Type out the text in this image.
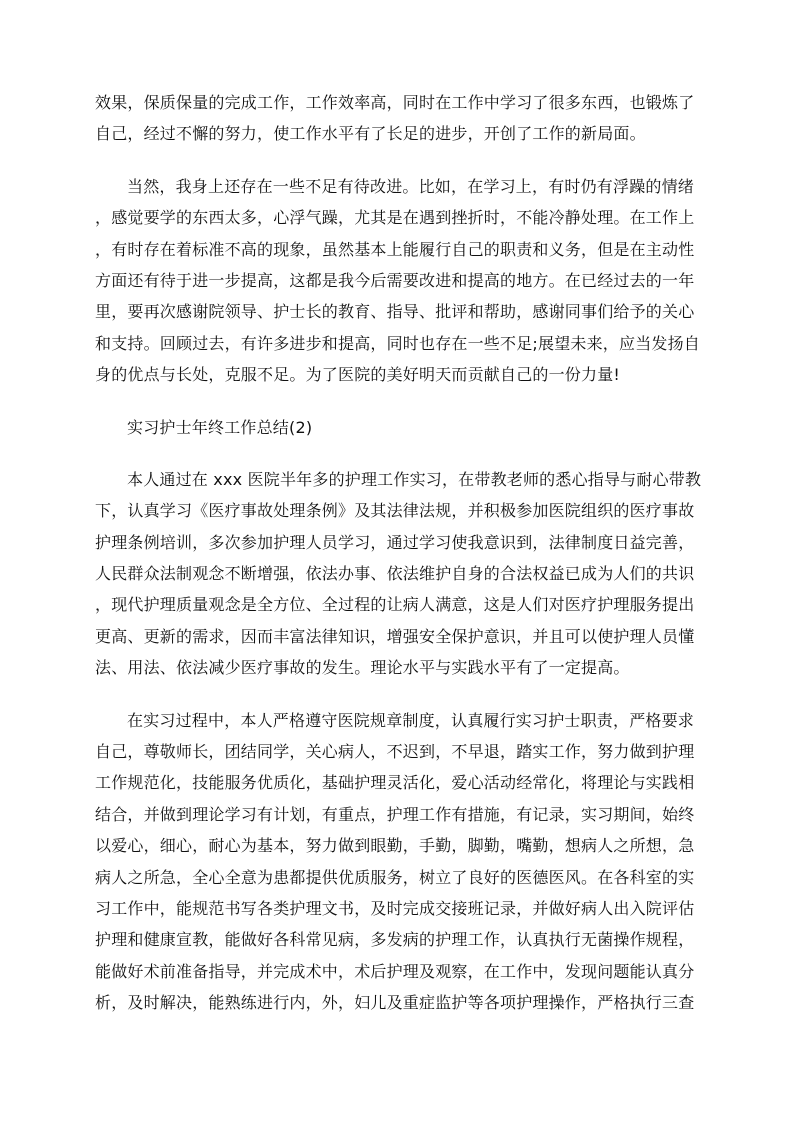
效果，保质保量的完成工作，工作效率高，同时在工作中学习了很多东西，也锻炼了
自己，经过不懈的努力，使工作水平有了长足的进步，开创了工作的新局面。
当然，我身上还存在一些不足有待改进。比如，在学习上，有时仍有浮躁的情绪
，感觉要学的东西太多，心浮气躁，尤其是在遇到挫折时，不能冷静处理。在工作上
，有时存在着标准不高的现象，虽然基本上能履行自己的职责和义务，但是在主动性
方面还有待于进一步提高，这都是我今后需要改进和提高的地方。在已经过去的一年
里，要再次感谢院领导、护士长的教育、指导、批评和帮助，感谢同事们给予的关心
和支持。回顾过去，有许多进步和提高，同时也存在一些不足;展望未来，应当发扬自
身的优点与长处，克服不足。为了医院的美好明天而贡献自己的一份力量!
实习护士年终工作总结(2)
本人通过在 xxx 医院半年多的护理工作实习，在带教老师的悉心指导与耐心带教
下，认真学习《医疗事故处理条例》及其法律法规，并积极参加医院组织的医疗事故
护理条例培训，多次参加护理人员学习，通过学习使我意识到，法律制度日益完善，
人民群众法制观念不断增强，依法办事、依法维护自身的合法权益已成为人们的共识
，现代护理质量观念是全方位、全过程的让病人满意，这是人们对医疗护理服务提出
更高、更新的需求，因而丰富法律知识，增强安全保护意识，并且可以使护理人员懂
法、用法、依法减少医疗事故的发生。理论水平与实践水平有了一定提高。
在实习过程中，本人严格遵守医院规章制度，认真履行实习护士职责，严格要求
自己，尊敬师长，团结同学，关心病人，不迟到，不早退，踏实工作，努力做到护理
工作规范化，技能服务优质化，基础护理灵活化，爱心活动经常化，将理论与实践相
结合，并做到理论学习有计划，有重点，护理工作有措施，有记录，实习期间，始终
以爱心，细心，耐心为基本，努力做到眼勤，手勤，脚勤，嘴勤，想病人之所想，急
病人之所急，全心全意为患都提供优质服务，树立了良好的医德医风。在各科室的实
习工作中，能规范书写各类护理文书，及时完成交接班记录，并做好病人出入院评估
护理和健康宣教，能做好各科常见病，多发病的护理工作，认真执行无菌操作规程，
能做好术前准备指导，并完成术中，术后护理及观察，在工作中，发现问题能认真分
析，及时解决，能熟练进行内，外，妇儿及重症监护等各项护理操作，严格执行三查
